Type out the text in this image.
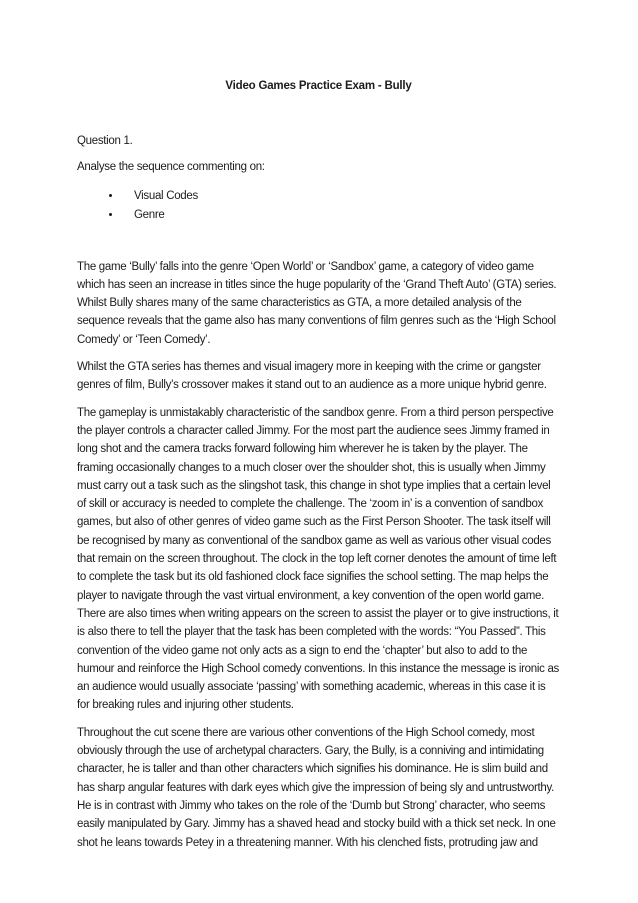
Video Games Practice Exam - Bully

Question 1.

Analyse the sequence commenting on:

• Visual Codes
• Genre

The game ‘Bully’ falls into the genre ‘Open World’ or ‘Sandbox’ game, a category of video game which has seen an increase in titles since the huge popularity of the ‘Grand Theft Auto’ (GTA) series. Whilst Bully shares many of the same characteristics as GTA, a more detailed analysis of the sequence reveals that the game also has many conventions of film genres such as the ‘High School Comedy’ or ‘Teen Comedy’.

Whilst the GTA series has themes and visual imagery more in keeping with the crime or gangster genres of film, Bully’s crossover makes it stand out to an audience as a more unique hybrid genre.

The gameplay is unmistakably characteristic of the sandbox genre. From a third person perspective the player controls a character called Jimmy. For the most part the audience sees Jimmy framed in long shot and the camera tracks forward following him wherever he is taken by the player. The framing occasionally changes to a much closer over the shoulder shot, this is usually when Jimmy must carry out a task such as the slingshot task, this change in shot type implies that a certain level of skill or accuracy is needed to complete the challenge. The ‘zoom in’ is a convention of sandbox games, but also of other genres of video game such as the First Person Shooter. The task itself will be recognised by many as conventional of the sandbox game as well as various other visual codes that remain on the screen throughout. The clock in the top left corner denotes the amount of time left to complete the task but its old fashioned clock face signifies the school setting. The map helps the player to navigate through the vast virtual environment, a key convention of the open world game. There are also times when writing appears on the screen to assist the player or to give instructions, it is also there to tell the player that the task has been completed with the words: “You Passed”. This convention of the video game not only acts as a sign to end the ‘chapter’ but also to add to the humour and reinforce the High School comedy conventions. In this instance the message is ironic as an audience would usually associate ‘passing’ with something academic, whereas in this case it is for breaking rules and injuring other students.

Throughout the cut scene there are various other conventions of the High School comedy, most obviously through the use of archetypal characters. Gary, the Bully, is a conniving and intimidating character, he is taller and than other characters which signifies his dominance. He is slim build and has sharp angular features with dark eyes which give the impression of being sly and untrustworthy. He is in contrast with Jimmy who takes on the role of the ‘Dumb but Strong’ character, who seems easily manipulated by Gary. Jimmy has a shaved head and stocky build with a thick set neck. In one shot he leans towards Petey in a threatening manner. With his clenched fists, protruding jaw and
